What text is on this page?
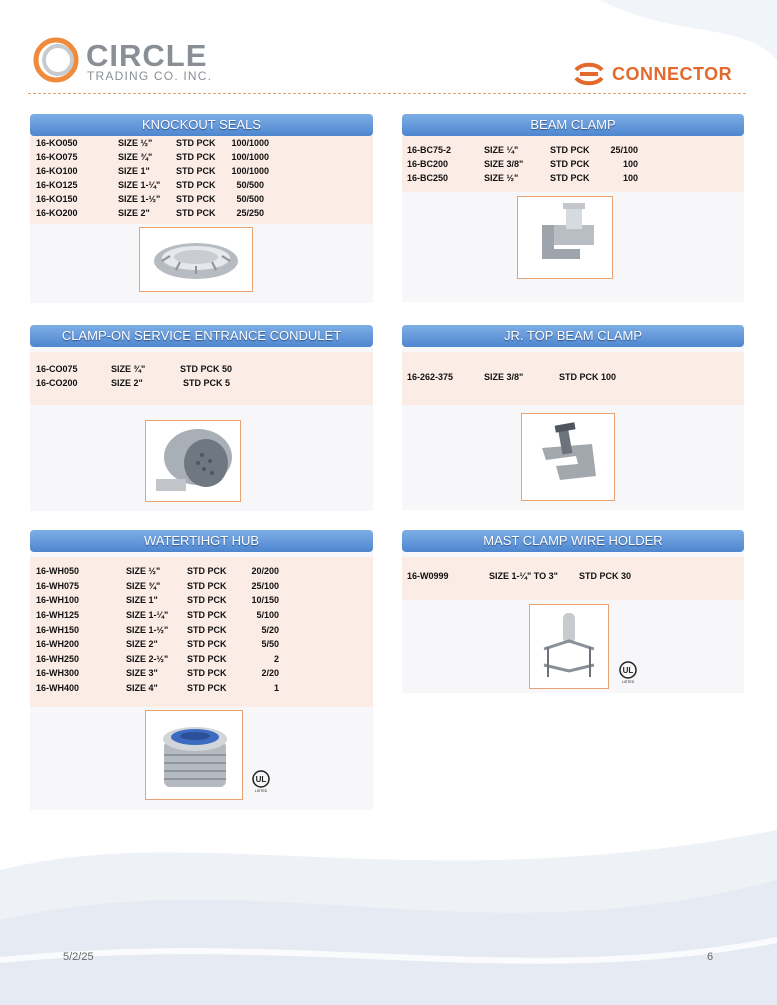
CIRCLE
TRADING CO. INC.	CONNECTOR
KNOCKOUT SEALS
16-KO050	SIZE ½"	STD PCK 100/1000
16-KO075	SIZE ¾"	STD PCK 100/1000
16-KO100	SIZE 1"	STD PCK 100/1000
16-KO125	SIZE 1-¼" STD PCK 50/500
16-KO150	SIZE 1-½" STD PCK 50/500
16-KO200	SIZE 2"	STD PCK 25/250
BEAM CLAMP
16-BC75-2	SIZE ¼"	STD PCK 25/100
16-BC200	SIZE 3/8"	STD PCK	100
16-BC250	SIZE ½"	STD PCK	100
CLAMP-ON SERVICE ENTRANCE CONDULET
16-CO075	SIZE ¾"	STD PCK 50
16-CO200	SIZE 2"	STD PCK 5
JR. TOP BEAM CLAMP
16-262-375	SIZE 3/8"	STD PCK 100
WATERTIHGT HUB
16-WH050	SIZE ½"	STD PCK	20/200
16-WH075	SIZE ¾"	STD PCK	25/100
16-WH100	SIZE 1"	STD PCK	10/150
16-WH125	SIZE 1-¼" STD PCK	5/100
16-WH150	SIZE 1-½" STD PCK	5/20
16-WH200	SIZE 2"	STD PCK	5/50
16-WH250	SIZE 2-½" STD PCK	2
16-WH300	SIZE 3"	STD PCK	2/20
16-WH400	SIZE 4"	STD PCK	1
UL
LISTED
MAST CLAMP WIRE HOLDER
16-W0999	SIZE 1-¼" TO 3" STD PCK 30
UL
LISTED
5/2/25	6
